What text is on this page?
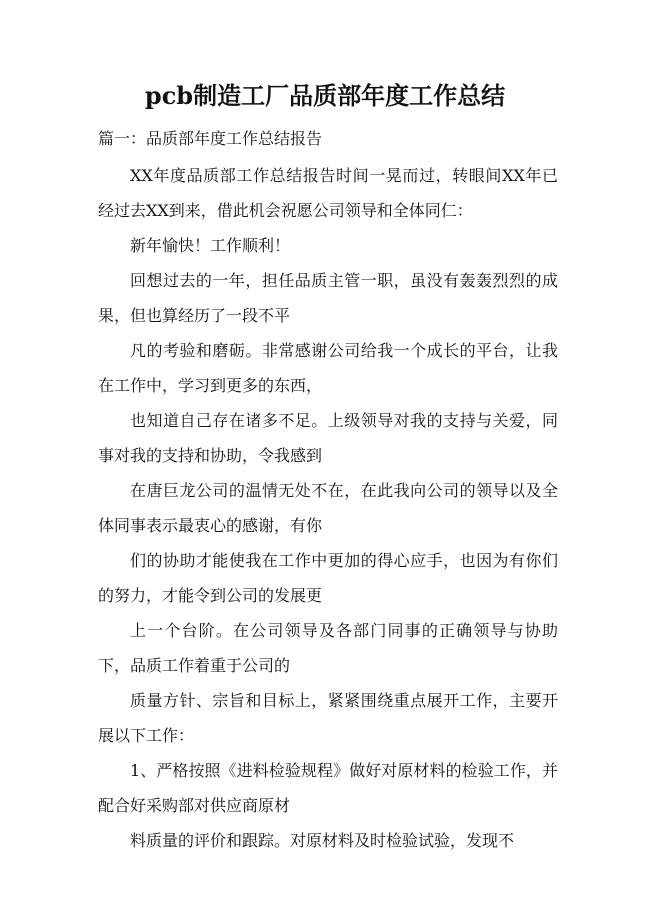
pcb制造工厂品质部年度工作总结
篇一：品质部年度工作总结报告

XX年度品质部工作总结报告时间一晃而过，转眼间XX年已经过去XX到来，借此机会祝愿公司领导和全体同仁：

新年愉快！工作顺利！

回想过去的一年，担任品质主管一职，虽没有轰轰烈烈的成果，但也算经历了一段不平

凡的考验和磨砺。非常感谢公司给我一个成长的平台，让我在工作中，学习到更多的东西，

也知道自己存在诸多不足。上级领导对我的支持与关爱，同事对我的支持和协助，令我感到

在唐巨龙公司的温情无处不在，在此我向公司的领导以及全体同事表示最衷心的感谢，有你

们的协助才能使我在工作中更加的得心应手，也因为有你们的努力，才能令到公司的发展更

上一个台阶。在公司领导及各部门同事的正确领导与协助下，品质工作着重于公司的

质量方针、宗旨和目标上，紧紧围绕重点展开工作，主要开展以下工作：

1、严格按照《进料检验规程》做好对原材料的检验工作，并配合好采购部对供应商原材

料质量的评价和跟踪。对原材料及时检验试验，发现不
